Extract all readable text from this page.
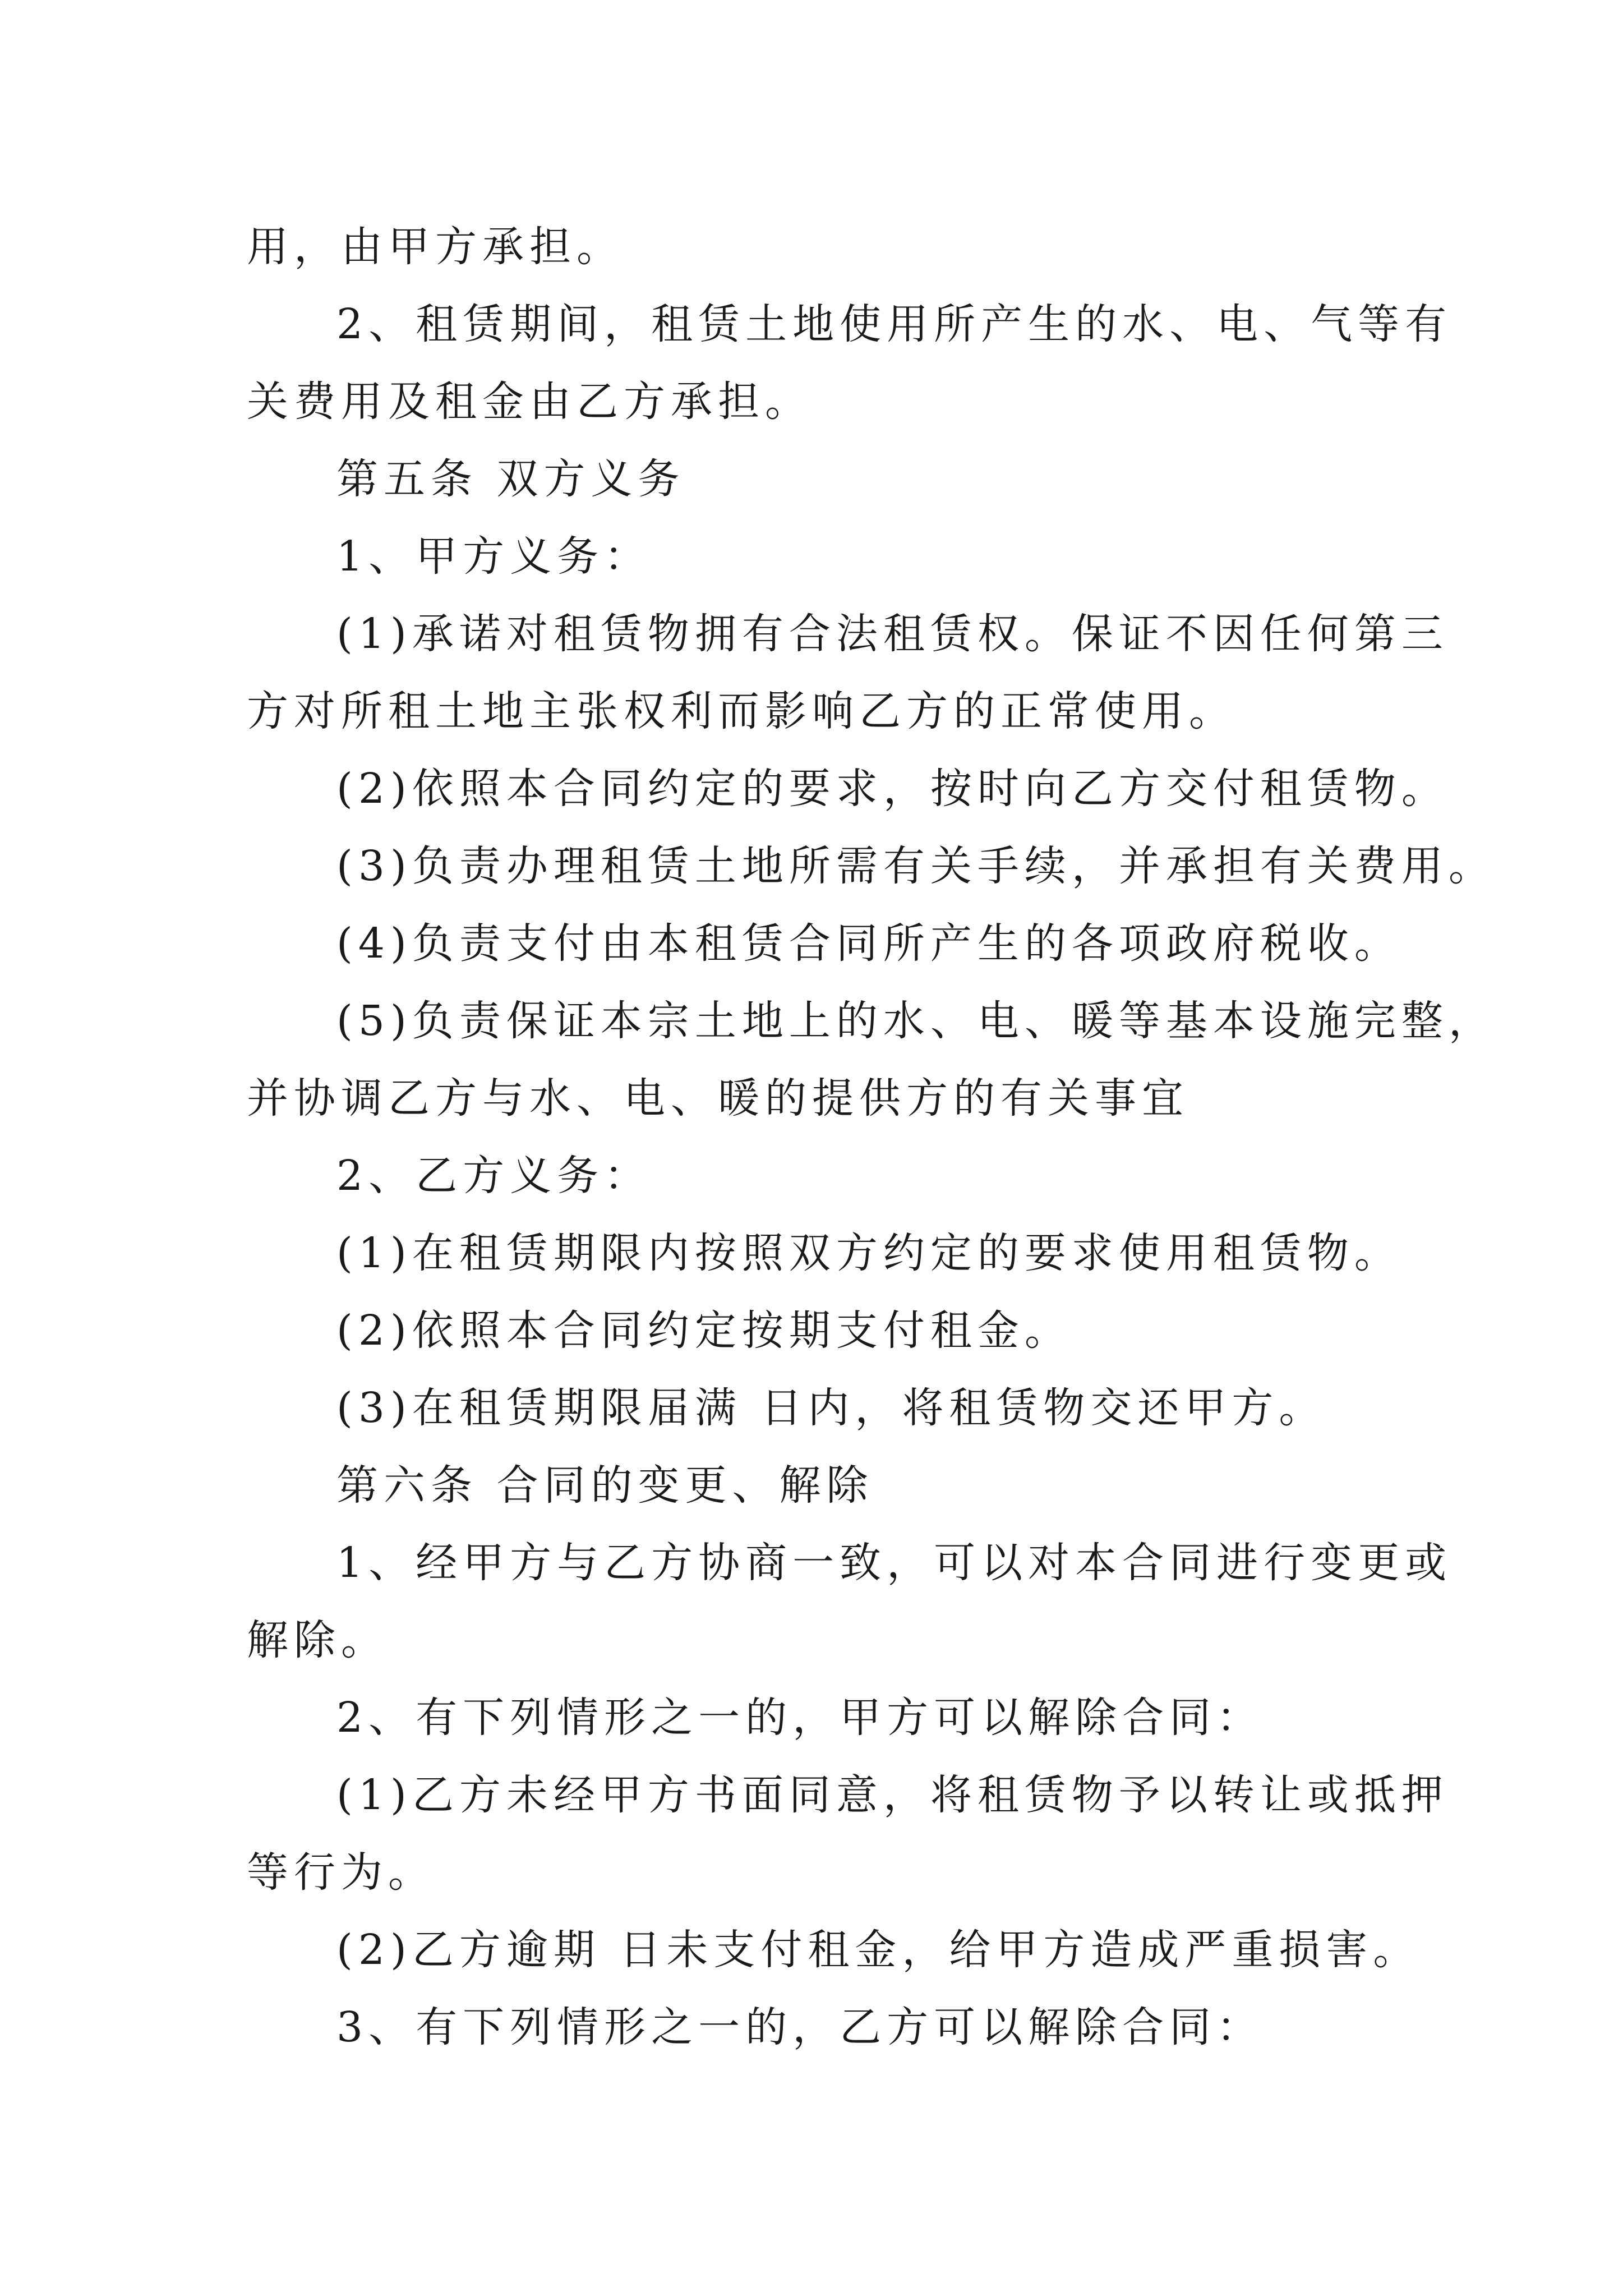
用，由甲方承担。
2、租赁期间，租赁土地使用所产生的水、电、气等有
关费用及租金由乙方承担。
第五条 双方义务
1、甲方义务：
(1)承诺对租赁物拥有合法租赁权。保证不因任何第三
方对所租土地主张权利而影响乙方的正常使用。
(2)依照本合同约定的要求，按时向乙方交付租赁物。
(3)负责办理租赁土地所需有关手续，并承担有关费用。
(4)负责支付由本租赁合同所产生的各项政府税收。
(5)负责保证本宗土地上的水、电、暖等基本设施完整，
并协调乙方与水、电、暖的提供方的有关事宜
2、乙方义务：
(1)在租赁期限内按照双方约定的要求使用租赁物。
(2)依照本合同约定按期支付租金。
(3)在租赁期限届满 日内，将租赁物交还甲方。
第六条 合同的变更、解除
1、经甲方与乙方协商一致，可以对本合同进行变更或
解除。
2、有下列情形之一的，甲方可以解除合同：
(1)乙方未经甲方书面同意，将租赁物予以转让或抵押
等行为。
(2)乙方逾期 日未支付租金，给甲方造成严重损害。
3、有下列情形之一的，乙方可以解除合同：
